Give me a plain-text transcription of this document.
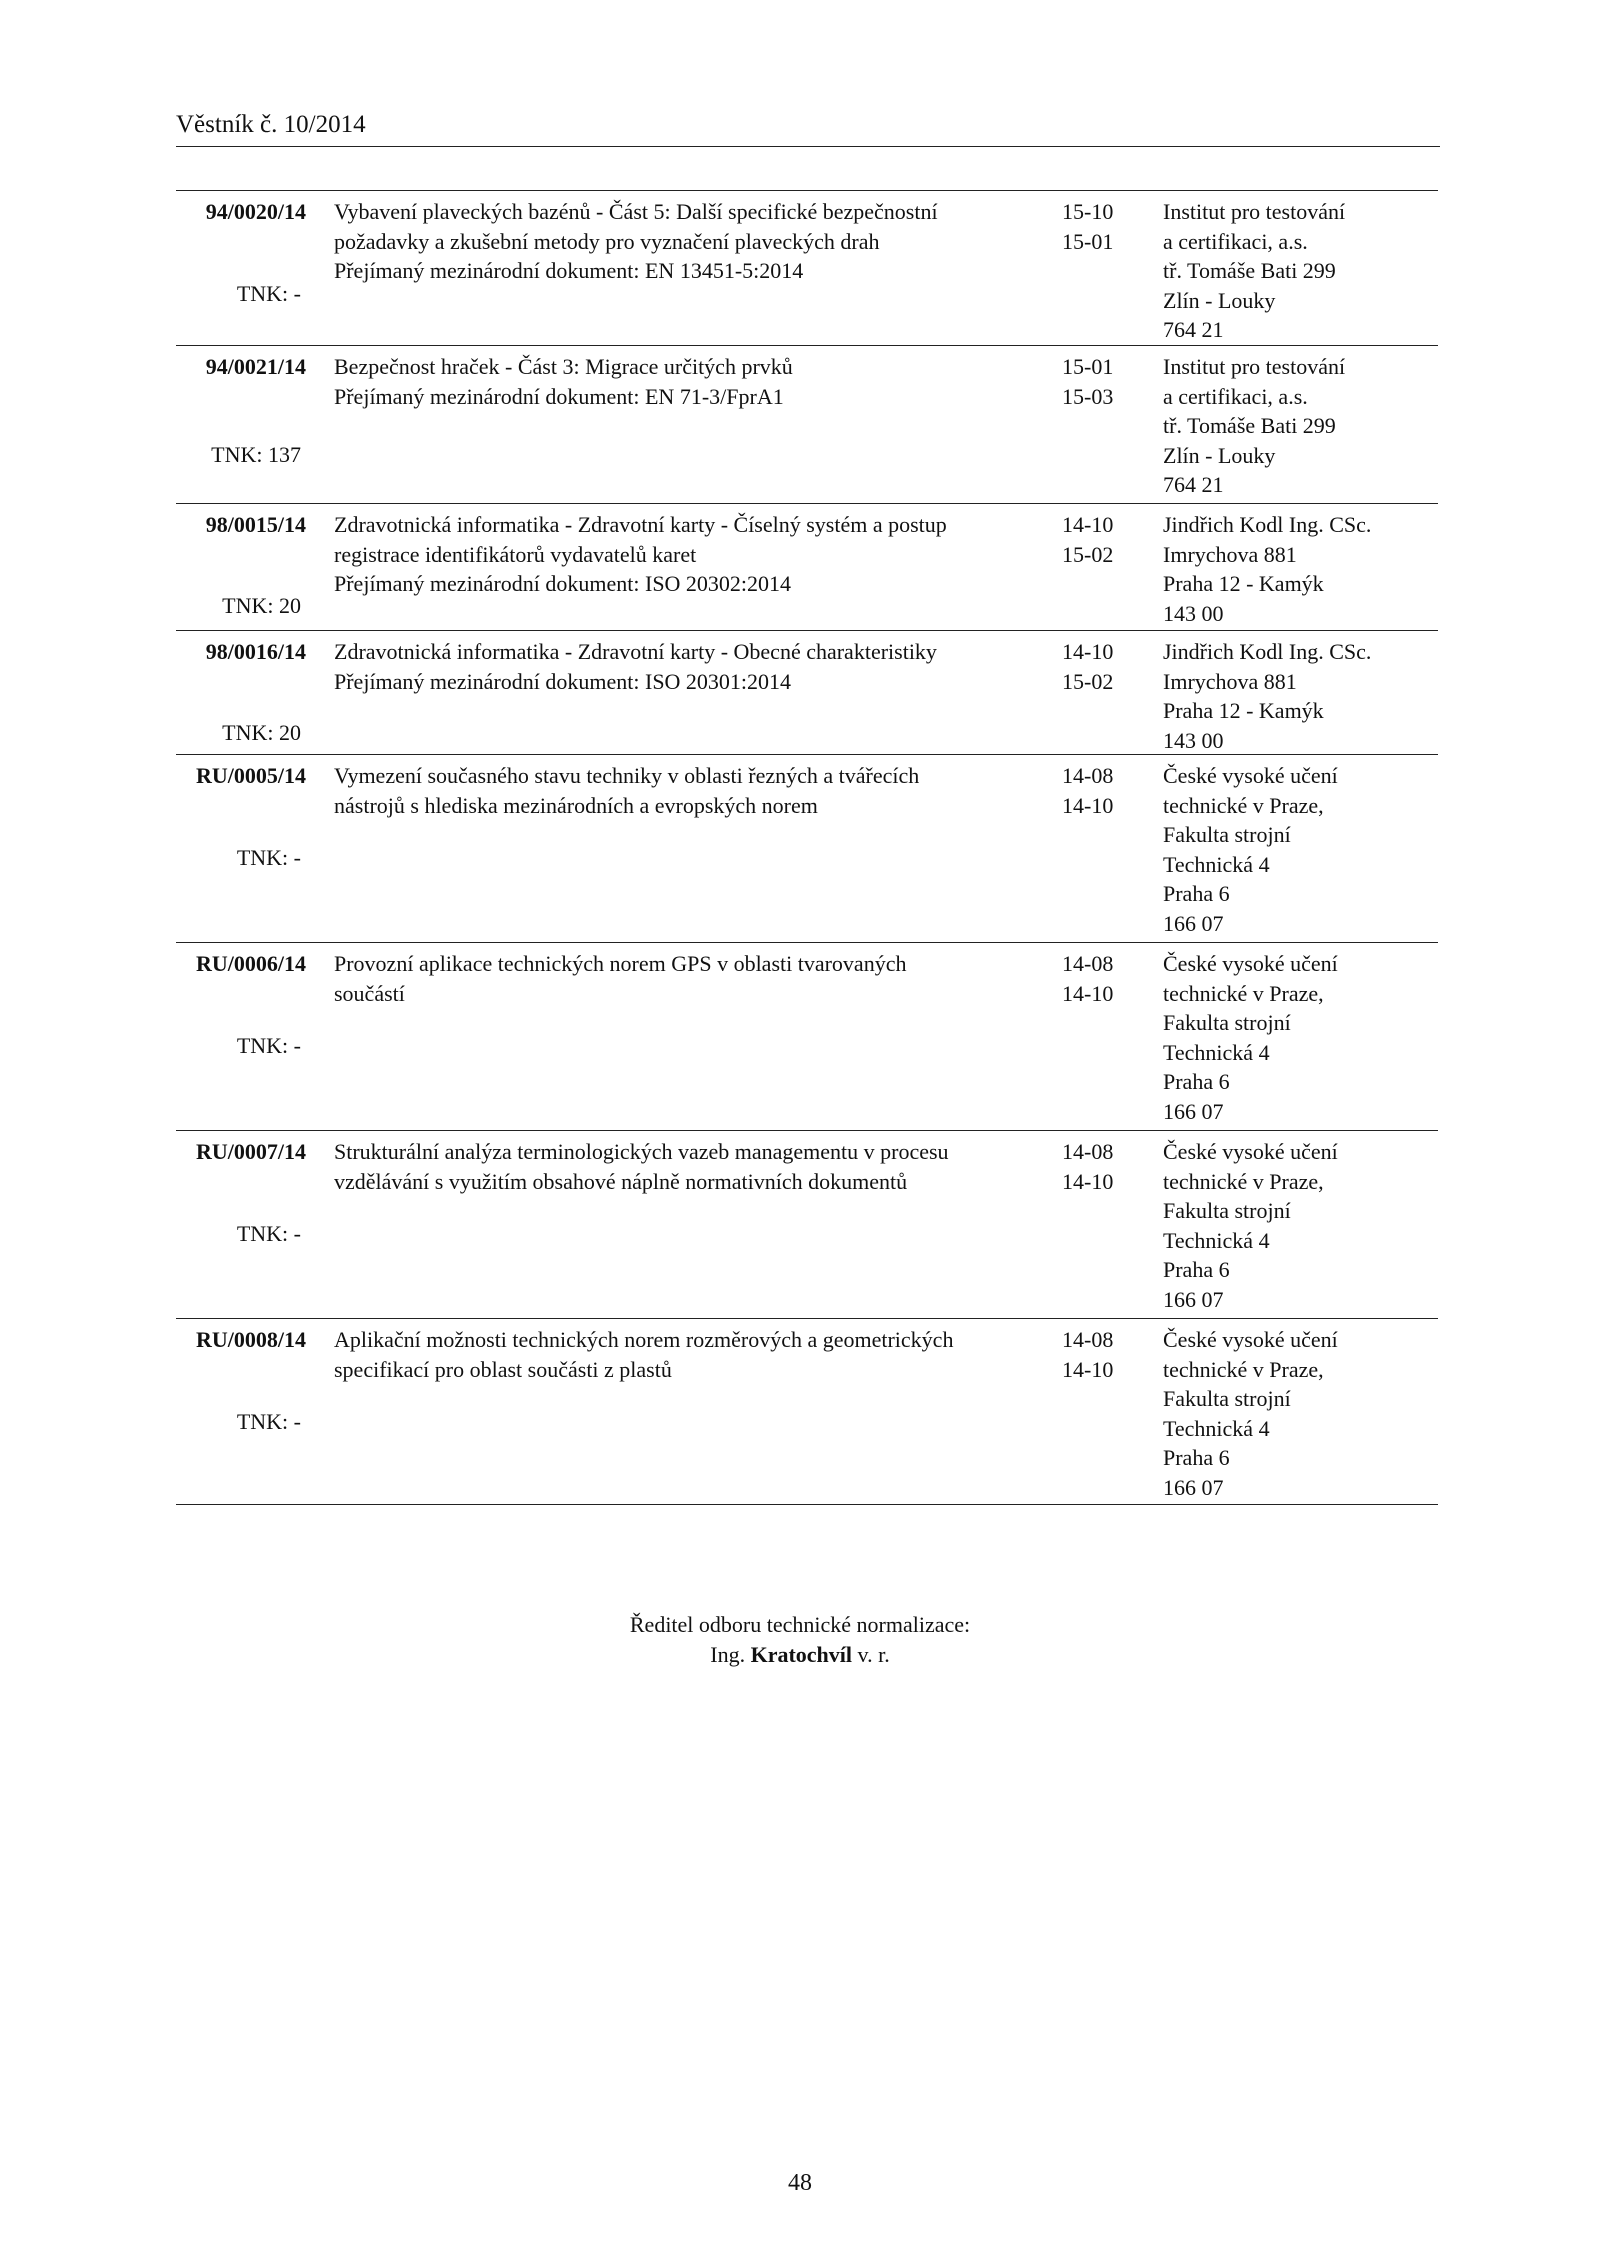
Věstník č. 10/2014
94/0020/14
TNK: -
Vybavení plaveckých bazénů - Část 5: Další specifické bezpečnostní
požadavky a zkušební metody pro vyznačení plaveckých drah
Přejímaný mezinárodní dokument: EN 13451-5:2014
15-10
15-01
Institut pro testování
a certifikaci, a.s.
tř. Tomáše Bati 299
Zlín - Louky
764 21
94/0021/14
TNK: 137
Bezpečnost hraček - Část 3: Migrace určitých prvků
Přejímaný mezinárodní dokument: EN 71-3/FprA1
15-01
15-03
Institut pro testování
a certifikaci, a.s.
tř. Tomáše Bati 299
Zlín - Louky
764 21
98/0015/14
TNK: 20
Zdravotnická informatika - Zdravotní karty - Číselný systém a postup
registrace identifikátorů vydavatelů karet
Přejímaný mezinárodní dokument: ISO 20302:2014
14-10
15-02
Jindřich Kodl Ing. CSc.
Imrychova 881
Praha 12 - Kamýk
143 00
98/0016/14
TNK: 20
Zdravotnická informatika - Zdravotní karty - Obecné charakteristiky
Přejímaný mezinárodní dokument: ISO 20301:2014
14-10
15-02
Jindřich Kodl Ing. CSc.
Imrychova 881
Praha 12 - Kamýk
143 00
RU/0005/14
TNK: -
Vymezení současného stavu techniky v oblasti řezných a tvářecích
nástrojů s hlediska mezinárodních a evropských norem
14-08
14-10
České vysoké učení
technické v Praze,
Fakulta strojní
Technická 4
Praha 6
166 07
RU/0006/14
TNK: -
Provozní aplikace technických norem GPS v oblasti tvarovaných
součástí
14-08
14-10
České vysoké učení
technické v Praze,
Fakulta strojní
Technická 4
Praha 6
166 07
RU/0007/14
TNK: -
Strukturální analýza terminologických vazeb managementu v procesu
vzdělávání s využitím obsahové náplně normativních dokumentů
14-08
14-10
České vysoké učení
technické v Praze,
Fakulta strojní
Technická 4
Praha 6
166 07
RU/0008/14
TNK: -
Aplikační možnosti technických norem rozměrových a geometrických
specifikací pro oblast součásti z plastů
14-08
14-10
České vysoké učení
technické v Praze,
Fakulta strojní
Technická 4
Praha 6
166 07
Ředitel odboru technické normalizace:
Ing. Kratochvíl v. r.
48
